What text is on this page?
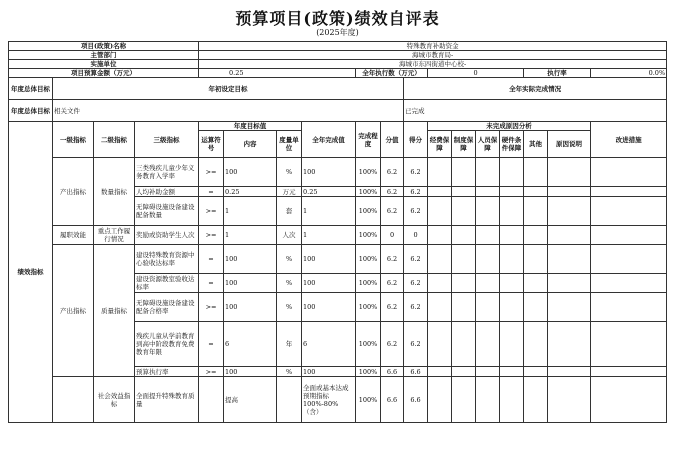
预算项目(政策)绩效自评表
(2025年度)
项目(政策)名称				特殊教育补助资金													
主管部门				海城市教育局-													
实施单位				海城市东四街道中心校-													
项目预算金额（万元）				0.25				全年执行数（万元）			0				执行率		0.0%
年度总体目标	年初设定目标									全年实际完成情况							
年度总体目标	相关文件									已完成							
绩效指标	一级指标	二级指标	三级指标	年度目标值			全年完成值	完成程度	分值	得分	未完成原因分析						改进措施
				运算符号	内容	度量单位					经费保障	制度保障	人员保障	硬件条件保障	其他	原因说明	
	产出指标	数量指标	三类残疾儿童少年义务教育入学率	>=	100	%	100	100%	6.2	6.2							
			人均补助金额	=	0.25	万元	0.25	100%	6.2	6.2							
			无障碍设施设备建设配备数量	>=	1	套	1	100%	6.2	6.2							
	履职效能	重点工作履行情况	奖励或资助学生人次	>=	1	人次	1	100%	0	0							
	产出指标	质量指标	建设特殊教育资源中心验收达标率	=	100	%	100	100%	6.2	6.2							
			建设资源教室验收达标率	=	100	%	100	100%	6.2	6.2							
			无障碍设施设备建设配备合格率	>=	100	%	100	100%	6.2	6.2							
			残疾儿童从学前教育到高中阶段教育免费教育年限	=	6	年	6	100%	6.2	6.2							
			预算执行率	>=	100	%	100	100%	6.6	6.6							
		社会效益指标	全面提升特殊教育质量		提高		全面或基本达成预期指标100%-80%（含）	100%	6.6	6.6							
